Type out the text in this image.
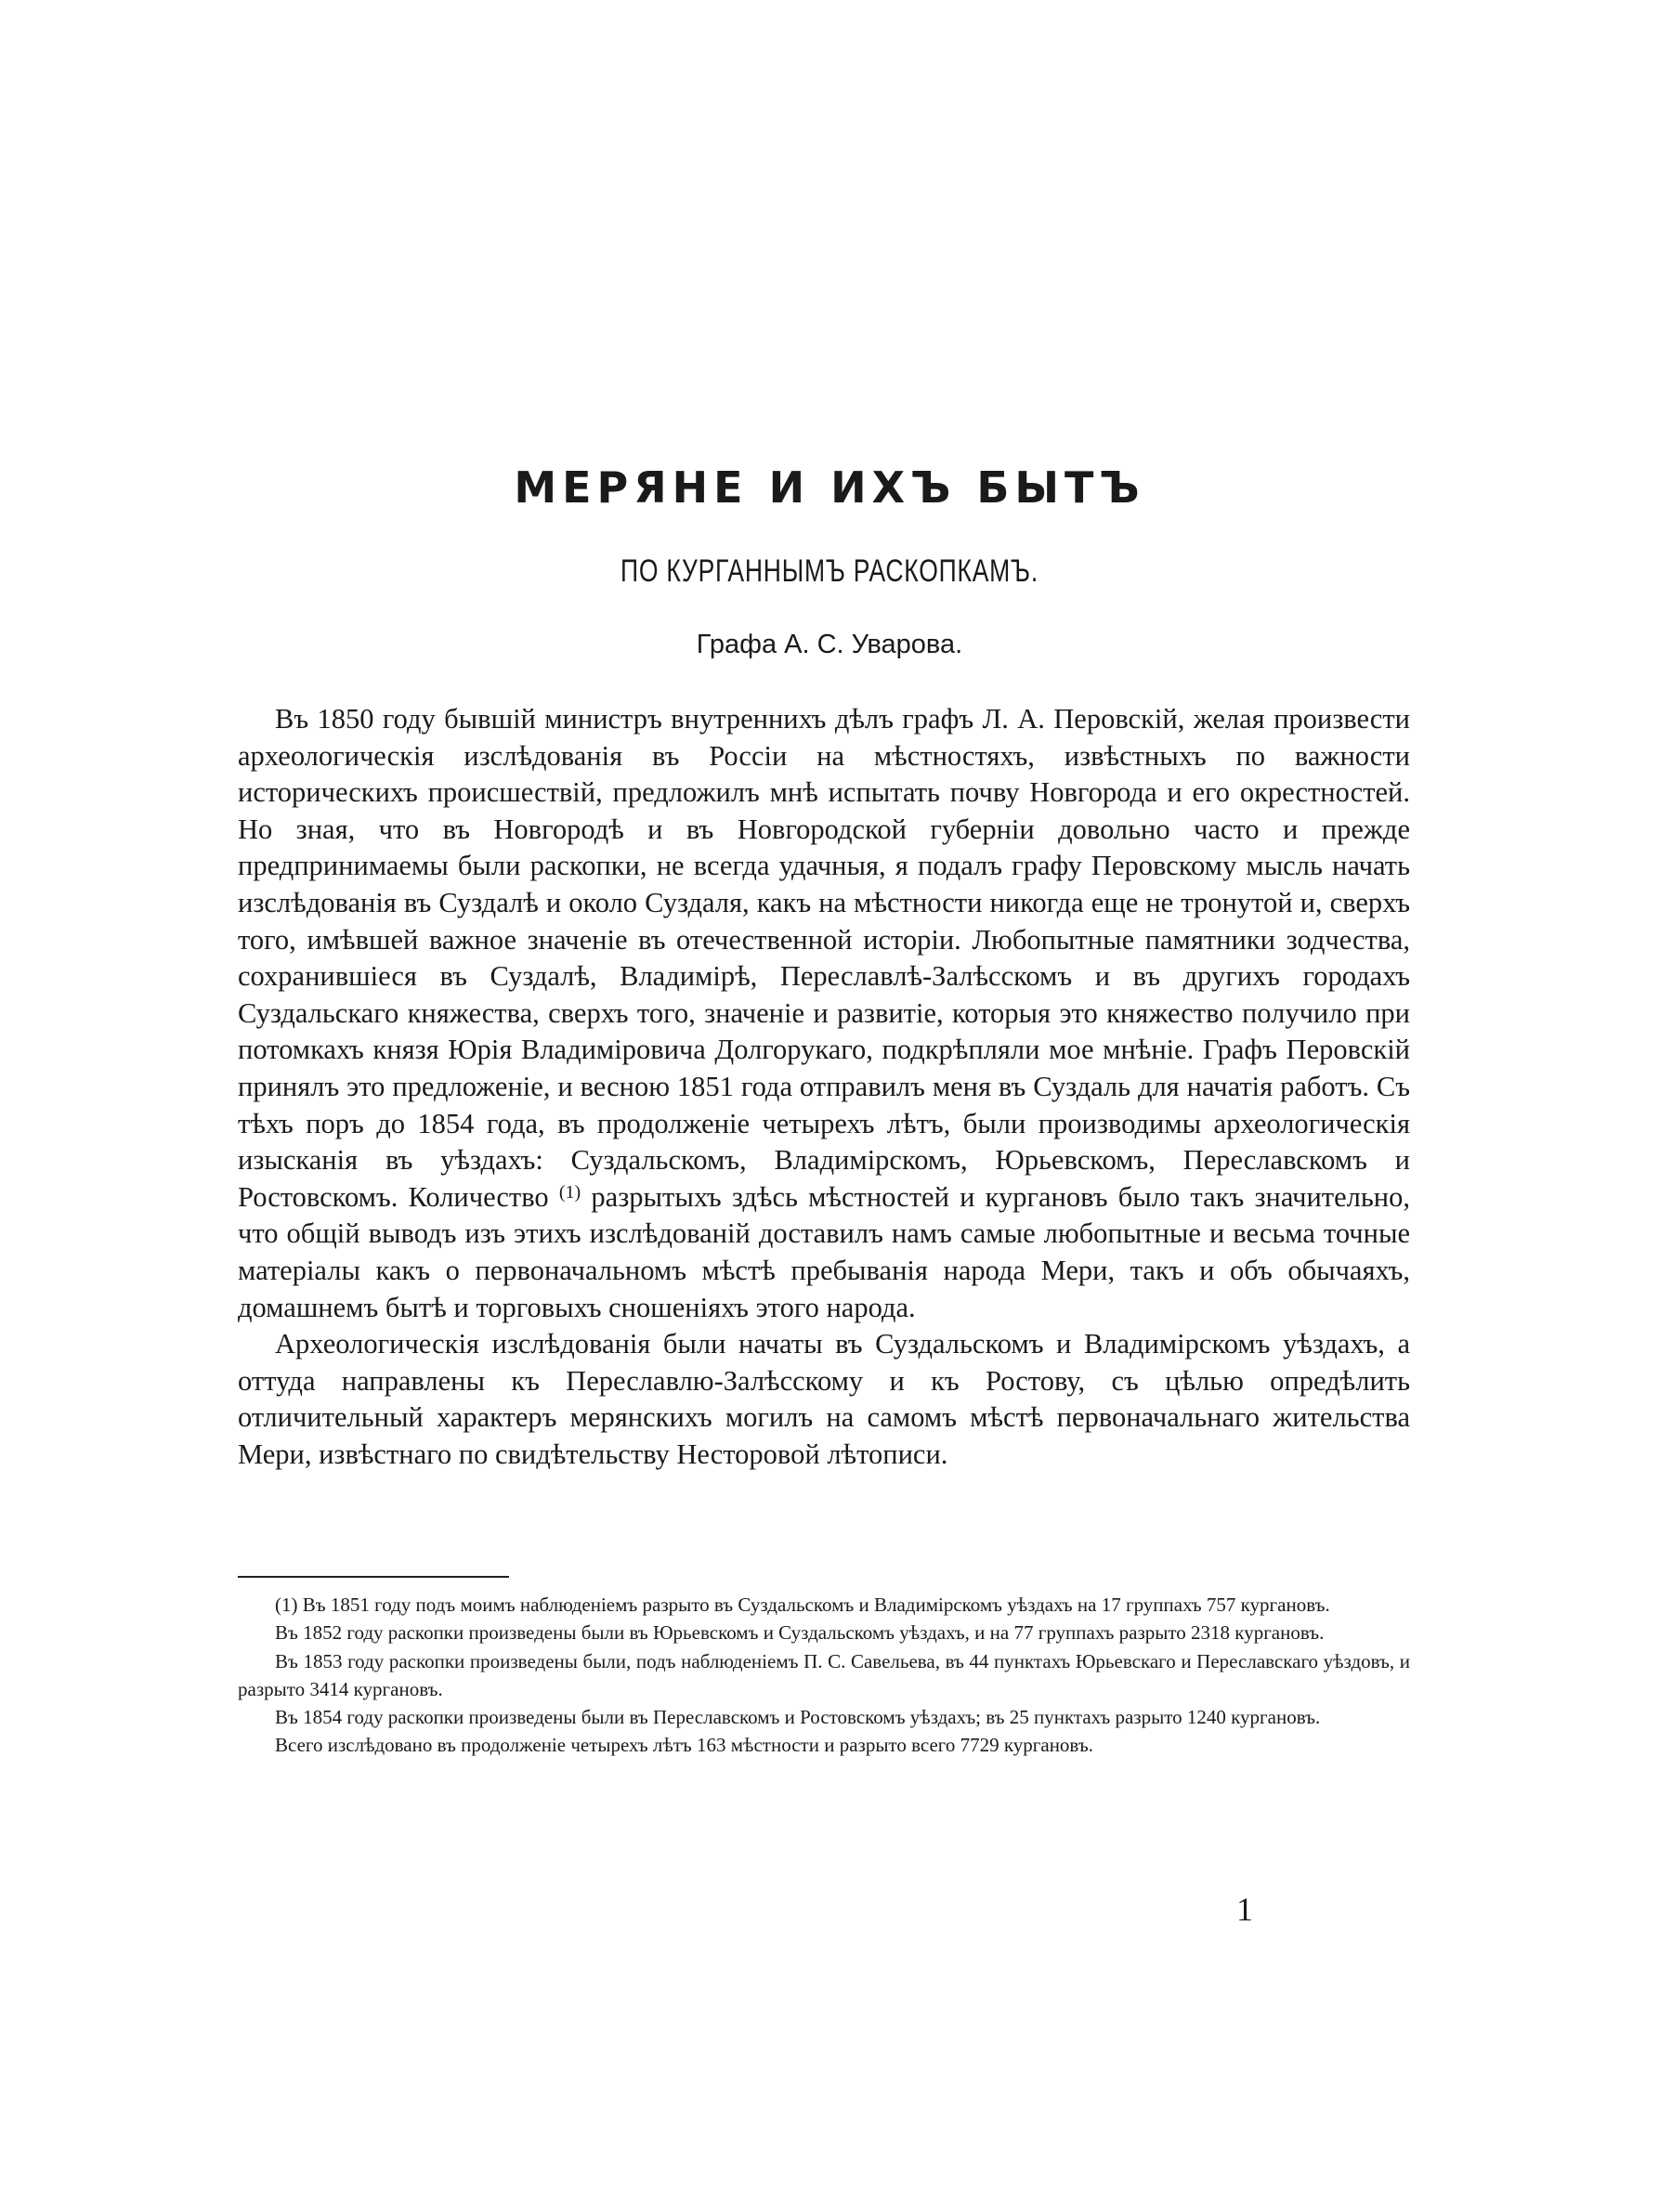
МЕРЯНЕ И ИХЪ БЫТЪ
ПО КУРГАННЫМЪ РАСКОПКАМЪ.
Графа А. С. Уварова.

Въ 1850 году бывшій министръ внутреннихъ дѣлъ графъ Л. А. Перовскій, желая произвести археологическія изслѣдованія въ Россіи на мѣстностяхъ, извѣстныхъ по важности историческихъ происшествій, предложилъ мнѣ испытать почву Новгорода и его окрестностей. Но зная, что въ Новгородѣ и въ Новгородской губерніи довольно часто и прежде предпринимаемы были раскопки, не всегда удачныя, я подалъ графу Перовскому мысль начать изслѣдованія въ Суздалѣ и около Суздаля, какъ на мѣстности никогда еще не тронутой и, сверхъ того, имѣвшей важное значеніе въ отечественной исторіи. Любопытные памятники зодчества, сохранившіеся въ Суздалѣ, Владимірѣ, Переславлѣ-Залѣсскомъ и въ другихъ городахъ Суздальскаго княжества, сверхъ того, значеніе и развитіе, которыя это княжество получило при потомкахъ князя Юрія Владиміровича Долгорукаго, подкрѣпляли мое мнѣніе. Графъ Перовскій принялъ это предложеніе, и весною 1851 года отправилъ меня въ Суздаль для начатія работъ. Съ тѣхъ поръ до 1854 года, въ продолженіе четырехъ лѣтъ, были производимы археологическія изысканія въ уѣздахъ: Суздальскомъ, Владимірскомъ, Юрьевскомъ, Переславскомъ и Ростовскомъ. Количество $^{(1)}$ разрытыхъ здѣсь мѣстностей и кургановъ было такъ значительно, что общій выводъ изъ этихъ изслѣдованій доставилъ намъ самые любопытные и весьма точные матеріалы какъ о первоначальномъ мѣстѣ пребыванія народа Мери, такъ и объ обычаяхъ, домашнемъ бытѣ и торговыхъ сношеніяхъ этого народа.

Археологическія изслѣдованія были начаты въ Суздальскомъ и Владимірскомъ уѣздахъ, а оттуда направлены къ Переславлю-Залѣсскому и къ Ростову, съ цѣлью опредѣлить отличительный характеръ мерянскихъ могилъ на самомъ мѣстѣ первоначальнаго жительства Мери, извѣстнаго по свидѣтельству Несторовой лѣтописи.

(1) Въ 1851 году подъ моимъ наблюденіемъ разрыто въ Суздальскомъ и Владимірскомъ уѣздахъ на 17 группахъ 757 кургановъ.

Въ 1852 году раскопки произведены были въ Юрьевскомъ и Суздальскомъ уѣздахъ, и на 77 группахъ разрыто 2318 кургановъ.

Въ 1853 году раскопки произведены были, подъ наблюденіемъ П. С. Савельева, въ 44 пунктахъ Юрьевскаго и Переславскаго уѣздовъ, и разрыто 3414 кургановъ.

Въ 1854 году раскопки произведены были въ Переславскомъ и Ростовскомъ уѣздахъ; въ 25 пунктахъ разрыто 1240 кургановъ.

Всего изслѣдовано въ продолженіе четырехъ лѣтъ 163 мѣстности и разрыто всего 7729 кургановъ.

1
